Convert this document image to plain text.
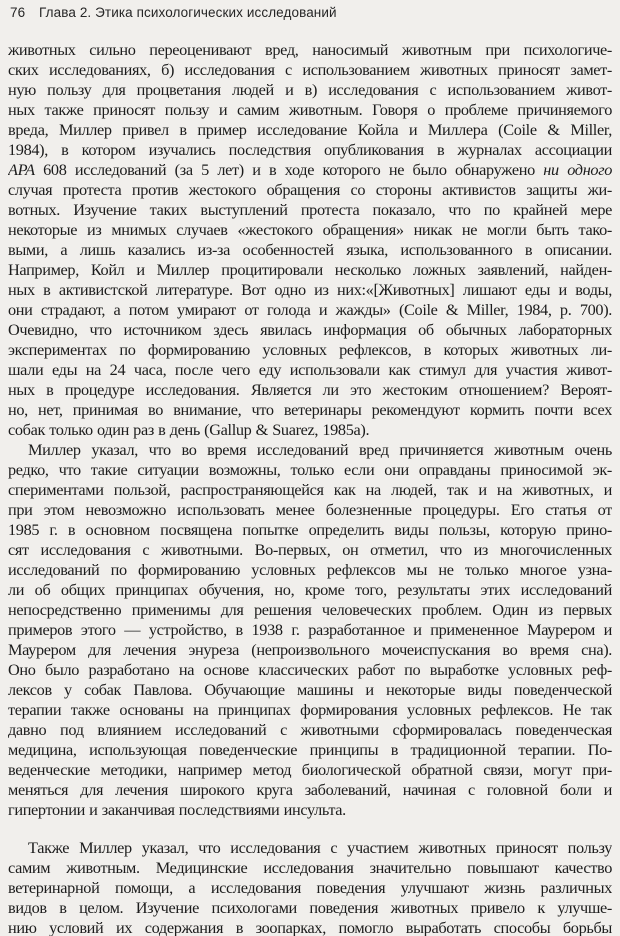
76	Глава 2. Этика психологических исследований
животных сильно переоценивают вред, наносимый животным при психологиче-
ских исследованиях, б) исследования с использованием животных приносят замет-
ную пользу для процветания людей и в) исследования с использованием живот-
ных также приносят пользу и самим животным. Говоря о проблеме причиняемого
вреда, Миллер привел в пример исследование Койла и Миллера (Coile & Miller,
1984), в котором изучались последствия опубликования в журналах ассоциации
APA 608 исследований (за 5 лет) и в ходе которого не было обнаружено ни одного
случая протеста против жестокого обращения со стороны активистов защиты жи-
вотных. Изучение таких выступлений протеста показало, что по крайней мере
некоторые из мнимых случаев «жестокого обращения» никак не могли быть тако-
выми, а лишь казались из-за особенностей языка, использованного в описании.
Например, Койл и Миллер процитировали несколько ложных заявлений, найден-
ных в активистской литературе. Вот одно из них:«[Животных] лишают еды и воды,
они страдают, а потом умирают от голода и жажды» (Coile & Miller, 1984, p. 700).
Очевидно, что источником здесь явилась информация об обычных лабораторных
экспериментах по формированию условных рефлексов, в которых животных ли-
шали еды на 24 часа, после чего еду использовали как стимул для участия живот-
ных в процедуре исследования. Является ли это жестоким отношением? Вероят-
но, нет, принимая во внимание, что ветеринары рекомендуют кормить почти всех
собак только один раз в день (Gallup & Suarez, 1985a).
Миллер указал, что во время исследований вред причиняется животным очень
редко, что такие ситуации возможны, только если они оправданы приносимой эк-
спериментами пользой, распространяющейся как на людей, так и на животных, и
при этом невозможно использовать менее болезненные процедуры. Его статья от
1985 г. в основном посвящена попытке определить виды пользы, которую прино-
сят исследования с животными. Во-первых, он отметил, что из многочисленных
исследований по формированию условных рефлексов мы не только многое узна-
ли об общих принципах обучения, но, кроме того, результаты этих исследований
непосредственно применимы для решения человеческих проблем. Один из первых
примеров этого — устройство, в 1938 г. разработанное и примененное Маурером и
Маурером для лечения энуреза (непроизвольного мочеиспускания во время сна).
Оно было разработано на основе классических работ по выработке условных реф-
лексов у собак Павлова. Обучающие машины и некоторые виды поведенческой
терапии также основаны на принципах формирования условных рефлексов. Не так
давно под влиянием исследований с животными сформировалась поведенческая
медицина, использующая поведенческие принципы в традиционной терапии. По-
веденческие методики, например метод биологической обратной связи, могут при-
меняться для лечения широкого круга заболеваний, начиная с головной боли и
гипертонии и заканчивая последствиями инсульта.
Также Миллер указал, что исследования с участием животных приносят пользу
самим животным. Медицинские исследования значительно повышают качество
ветеринарной помощи, а исследования поведения улучшают жизнь различных
видов в целом. Изучение психологами поведения животных привело к улучше-
нию условий их содержания в зоопарках, помогло выработать способы борьбы
